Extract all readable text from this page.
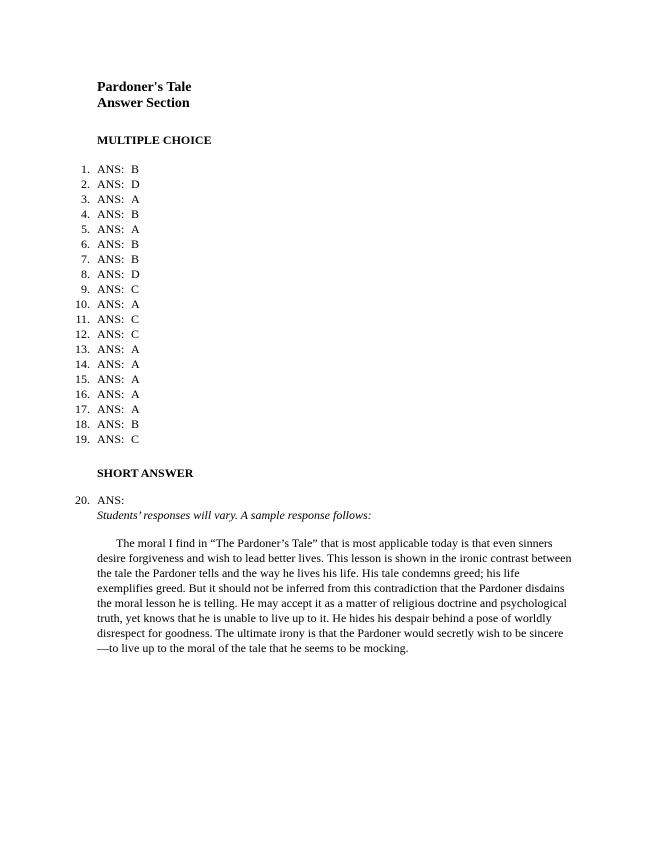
Pardoner's Tale
Answer Section
MULTIPLE CHOICE
1. ANS: B
2. ANS: D
3. ANS: A
4. ANS: B
5. ANS: A
6. ANS: B
7. ANS: B
8. ANS: D
9. ANS: C
10. ANS: A
11. ANS: C
12. ANS: C
13. ANS: A
14. ANS: A
15. ANS: A
16. ANS: A
17. ANS: A
18. ANS: B
19. ANS: C
SHORT ANSWER
20. ANS:
Students’ responses will vary. A sample response follows:

The moral I find in “The Pardoner’s Tale” that is most applicable today is that even sinners desire forgiveness and wish to lead better lives. This lesson is shown in the ironic contrast between the tale the Pardoner tells and the way he lives his life. His tale condemns greed; his life exemplifies greed. But it should not be inferred from this contradiction that the Pardoner disdains the moral lesson he is telling. He may accept it as a matter of religious doctrine and psychological truth, yet knows that he is unable to live up to it. He hides his despair behind a pose of worldly disrespect for goodness. The ultimate irony is that the Pardoner would secretly wish to be sincere—to live up to the moral of the tale that he seems to be mocking.
